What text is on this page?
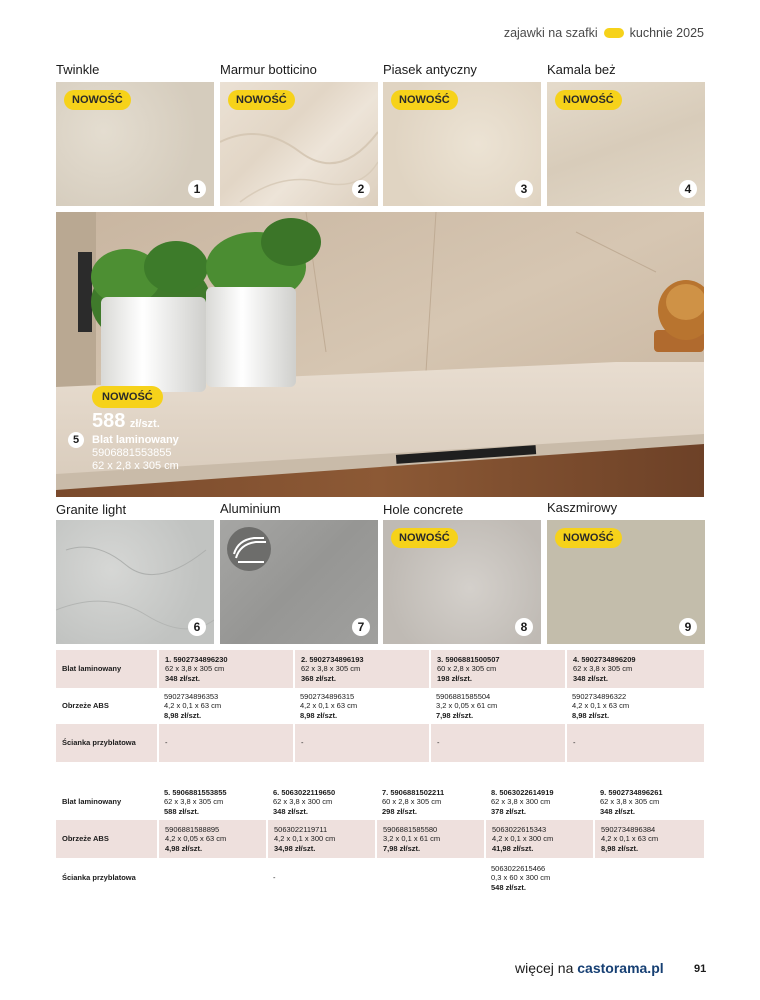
zajawki na szafki	kuchnie 2025
Twinkle	Marmur botticino	Piasek antyczny	Kamala beż
NOWOŚĆ
1
NOWOŚĆ
2
NOWOŚĆ
3
NOWOŚĆ
4
NOWOŚĆ
588 zł/szt.
5	Blat laminowany
5906881553855
62 x 2,8 x 305 cm
Granite light	Aluminium	Hole concrete	Kaszmirowy
6	7
NOWOŚĆ
8
NOWOŚĆ
9
Blat laminowany	1. 5902734896230
62 x 3,8 x 305 cm
348 zł/szt.	2. 5902734896193
62 x 3,8 x 305 cm
368 zł/szt.	3. 5906881500507
60 x 2,8 x 305 cm
198 zł/szt.	4. 5902734896209
62 x 3,8 x 305 cm
348 zł/szt.
Obrzeże ABS	5902734896353
4,2 x 0,1 x 63 cm
8,98 zł/szt.	5902734896315
4,2 x 0,1 x 63 cm
8,98 zł/szt.	5906881585504
3,2 x 0,05 x 61 cm
7,98 zł/szt.	5902734896322
4,2 x 0,1 x 63 cm
8,98 zł/szt.
Ścianka przyblatowa	-	-	-	-
Blat laminowany	5. 5906881553855
62 x 3,8 x 305 cm
588 zł/szt.	6. 5063022119650
62 x 3,8 x 300 cm
348 zł/szt.	7. 5906881502211
60 x 2,8 x 305 cm
298 zł/szt.	8. 5063022614919
62 x 3,8 x 300 cm
378 zł/szt.	9. 5902734896261
62 x 3,8 x 305 cm
348 zł/szt.
Obrzeże ABS	5906881588895
4,2 x 0,05 x 63 cm
4,98 zł/szt.	5063022119711
4,2 x 0,1 x 300 cm
34,98 zł/szt.	5906881585580
3,2 x 0,1 x 61 cm
7,98 zł/szt.	5063022615343
4,2 x 0,1 x 300 cm
41,98 zł/szt.	5902734896384
4,2 x 0,1 x 63 cm
8,98 zł/szt.
Ścianka przyblatowa		-		5063022615466
0,3 x 60 x 300 cm
548 zł/szt.	
więcej na castorama.pl	91
